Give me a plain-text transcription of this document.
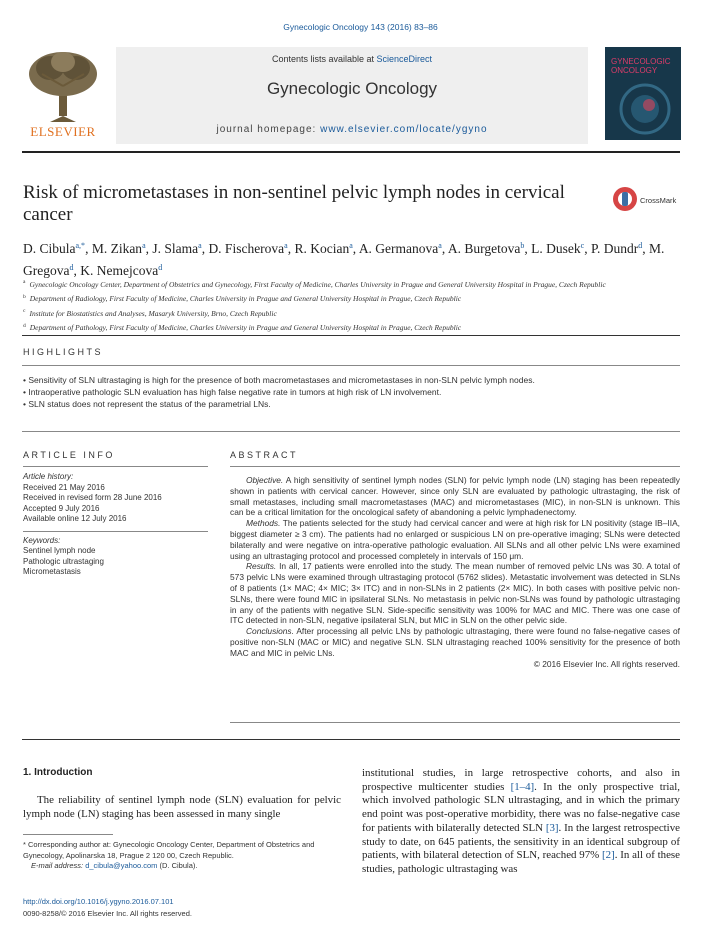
Gynecologic Oncology 143 (2016) 83–86
ELSEVIER
Contents lists available at ScienceDirect
Gynecologic Oncology
journal homepage: www.elsevier.com/locate/ygyno
GYNECOLOGIC
ONCOLOGY
Risk of micrometastases in non-sentinel pelvic lymph nodes in cervical cancer
CrossMark
D. Cibula$^{a,*}$, M. Zikan$^a$, J. Slama$^a$, D. Fischerova$^a$, R. Kocian$^a$, A. Germanova$^a$, A. Burgetova$^b$, L. Dusek$^c$, P. Dundr$^d$, M. Gregova$^d$, K. Nemejcova$^d$
$^a$ Gynecologic Oncology Center, Department of Obstetrics and Gynecology, First Faculty of Medicine, Charles University in Prague and General University Hospital in Prague, Czech Republic
$^b$ Department of Radiology, First Faculty of Medicine, Charles University in Prague and General University Hospital in Prague, Czech Republic
$^c$ Institute for Biostatistics and Analyses, Masaryk University, Brno, Czech Republic
$^d$ Department of Pathology, First Faculty of Medicine, Charles University in Prague and General University Hospital in Prague, Czech Republic
HIGHLIGHTS
• Sensitivity of SLN ultrastaging is high for the presence of both macrometastases and micrometastases in non-SLN pelvic lymph nodes.
• Intraoperative pathologic SLN evaluation has high false negative rate in tumors at high risk of LN involvement.
• SLN status does not represent the status of the parametrial LNs.
ARTICLE INFO
Article history:
Received 21 May 2016
Received in revised form 28 June 2016
Accepted 9 July 2016
Available online 12 July 2016
Keywords:
Sentinel lymph node
Pathologic ultrastaging
Micrometastasis
ABSTRACT

Objective. A high sensitivity of sentinel lymph nodes (SLN) for pelvic lymph node (LN) staging has been repeatedly shown in patients with cervical cancer. However, since only SLN are evaluated by pathologic ultrastaging, the risk of small metastases, including small macrometastases (MAC) and micrometastases (MIC), in non-SLN is unknown. This can be a critical limitation for the oncological safety of abandoning a pelvic lymphadenectomy.

Methods. The patients selected for the study had cervical cancer and were at high risk for LN positivity (stage IB–IIA, biggest diameter ≥ 3 cm). The patients had no enlarged or suspicious LN on pre-operative imaging; SLNs were detected bilaterally and were negative on intra-operative pathologic evaluation. All SLNs and all other pelvic LNs were examined using an ultrastaging protocol and processed completely in intervals of 150 μm.

Results. In all, 17 patients were enrolled into the study. The mean number of removed pelvic LNs was 30. A total of 573 pelvic LNs were examined through ultrastaging protocol (5762 slides). Metastatic involvement was detected in SLNs of 8 patients (1× MAC; 4× MIC; 3× ITC) and in non-SLNs in 2 patients (2× MIC). In both cases with positive pelvic non-SLNs, there were found MIC in ipsilateral SLNs. No metastasis in pelvic non-SLNs was found by pathologic ultrastaging in any of the patients with negative SLN. Side-specific sensitivity was 100% for MAC and MIC. There was one case of ITC detected in non-SLN, negative ipsilateral SLN, but MIC in SLN on the other pelvic side.

Conclusions. After processing all pelvic LNs by pathologic ultrastaging, there were found no false-negative cases of positive non-SLN (MAC or MIC) and negative SLN. SLN ultrastaging reached 100% sensitivity for the presence of both MAC and MIC in pelvic LNs.

© 2016 Elsevier Inc. All rights reserved.
1. Introduction
The reliability of sentinel lymph node (SLN) evaluation for pelvic lymph node (LN) staging has been assessed in many single
institutional studies, in large retrospective cohorts, and also in prospective multicenter studies [1–4]. In the only prospective trial, which involved pathologic SLN ultrastaging, and in which the primary end point was post-operative morbidity, there was no false-negative case for patients with bilaterally detected SLN [3]. In the largest retrospective study to date, on 645 patients, the sensitivity in an identical subgroup of patients, with bilateral detection of SLN, reached 97% [2]. In all of these studies, pathologic ultrastaging was
* Corresponding author at: Gynecologic Oncology Center, Department of Obstetrics and Gynecology, Apolinarska 18, Prague 2 120 00, Czech Republic.
E-mail address: d_cibula@yahoo.com (D. Cibula).
http://dx.doi.org/10.1016/j.ygyno.2016.07.101
0090-8258/© 2016 Elsevier Inc. All rights reserved.
